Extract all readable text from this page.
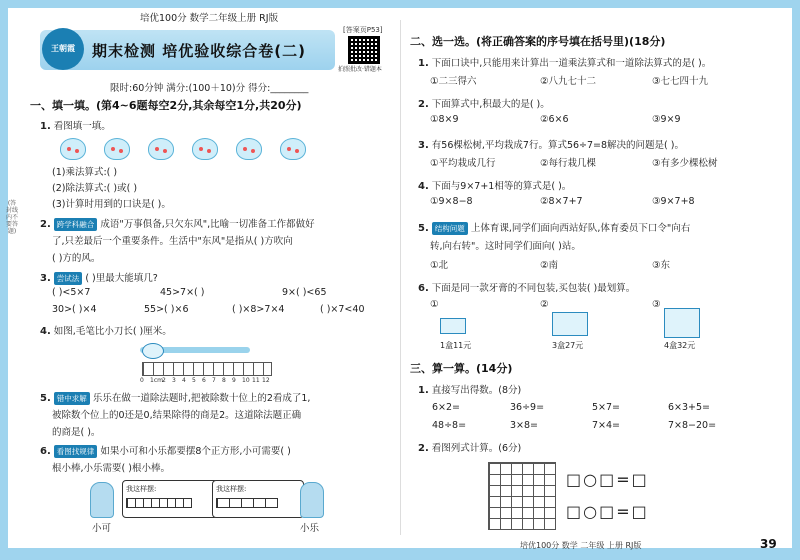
培优100分 数学二年级上册 RJ版
王朝霞	期末检测 培优验收综合卷(二)
[答案页P53]
拍照批改·错题本
限时:60分钟 满分:(100＋10)分 得分:________
(答封线内不要答题)
一、填一填。(第4~6题每空2分,其余每空1分,共20分)
1. 看图填一填。
(1)乘法算式:( )
(2)除法算式:( )或( )
(3)计算时用到的口诀是( )。
2. 跨学科融合 成语"万事俱备,只欠东风",比喻一切准备工作都做好
了,只差最后一个重要条件。生活中"东风"是指从( )方吹向
( )方的风。
3. 尝试法 ( )里最大能填几?
( )<5×7	45>7×( )	9×( )<65
30>( )×4	55>( )×6	( )×8>7×4	( )×7<40
4. 如图,毛笔比小刀长( )厘米。
0 1cm 2 3 4 5 6 7 8 9 10 11 12
5. 错中求解 乐乐在做一道除法题时,把被除数十位上的2看成了1,
被除数个位上的0还是0,结果除得的商是2。这道除法题正确
的商是( )。
6. 看图找规律 如果小可和小乐都要摆8个正方形,小可需要( )
根小棒,小乐需要( )根小棒。
我这样摆:	我这样摆:
小可	小乐
二、选一选。(将正确答案的序号填在括号里)(18分)
1. 下面口诀中,只能用来计算出一道乘法算式和一道除法算式的是( )。
①二三得六	②八九七十二	③七七四十九
2. 下面算式中,积最大的是( )。
①8×9	②6×6	③9×9
3. 有56棵松树,平均栽成7行。算式56÷7=8解决的问题是( )。
①平均栽成几行	②每行栽几棵	③有多少棵松树
4. 下面与9×7+1相等的算式是( )。
①9×8−8	②8×7+7	③9×7+8
5. 结构问题 上体育课,同学们面向西站好队,体育委员下口令"向右
转,向右转"。这时同学们面向( )站。
①北	②南	③东
6. 下面是同一款牙膏的不同包装,买包装( )最划算。
①	②	③
1盒11元	3盒27元	4盒32元
三、算一算。(14分)
1. 直接写出得数。(8分)
6×2=	36÷9=	5×7=	6×3+5=
48÷8=	3×8=	7×4=	7×8−20=
2. 看图列式计算。(6分)
□○□=□
□○□=□
培优100分 数学 二年级 上册 RJ版	39
